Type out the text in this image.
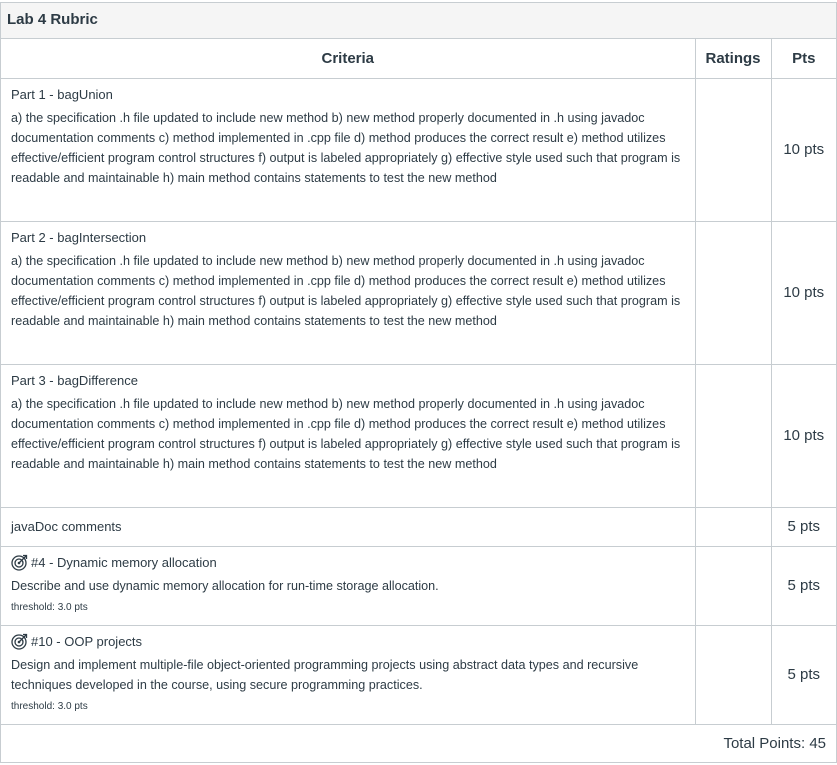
Lab 4 Rubric
Criteria	Ratings	Pts

Part 1 - bagUnion
a) the specification .h file updated to include new method b) new method properly documented in .h using javadoc documentation comments c) method implemented in .cpp file d) method produces the correct result e) method utilizes effective/efficient program control structures f) output is labeled appropriately g) effective style used such that program is readable and maintainable h) main method contains statements to test the new method		10 pts

Part 2 - bagIntersection
a) the specification .h file updated to include new method b) new method properly documented in .h using javadoc documentation comments c) method implemented in .cpp file d) method produces the correct result e) method utilizes effective/efficient program control structures f) output is labeled appropriately g) effective style used such that program is readable and maintainable h) main method contains statements to test the new method		10 pts

Part 3 - bagDifference
a) the specification .h file updated to include new method b) new method properly documented in .h using javadoc documentation comments c) method implemented in .cpp file d) method produces the correct result e) method utilizes effective/efficient program control structures f) output is labeled appropriately g) effective style used such that program is readable and maintainable h) main method contains statements to test the new method		10 pts

javaDoc comments		5 pts

#4 - Dynamic memory allocation
Describe and use dynamic memory allocation for run-time storage allocation.
threshold: 3.0 pts		5 pts

#10 - OOP projects
Design and implement multiple-file object-oriented programming projects using abstract data types and recursive techniques developed in the course, using secure programming practices.
threshold: 3.0 pts		5 pts
Total Points: 45
